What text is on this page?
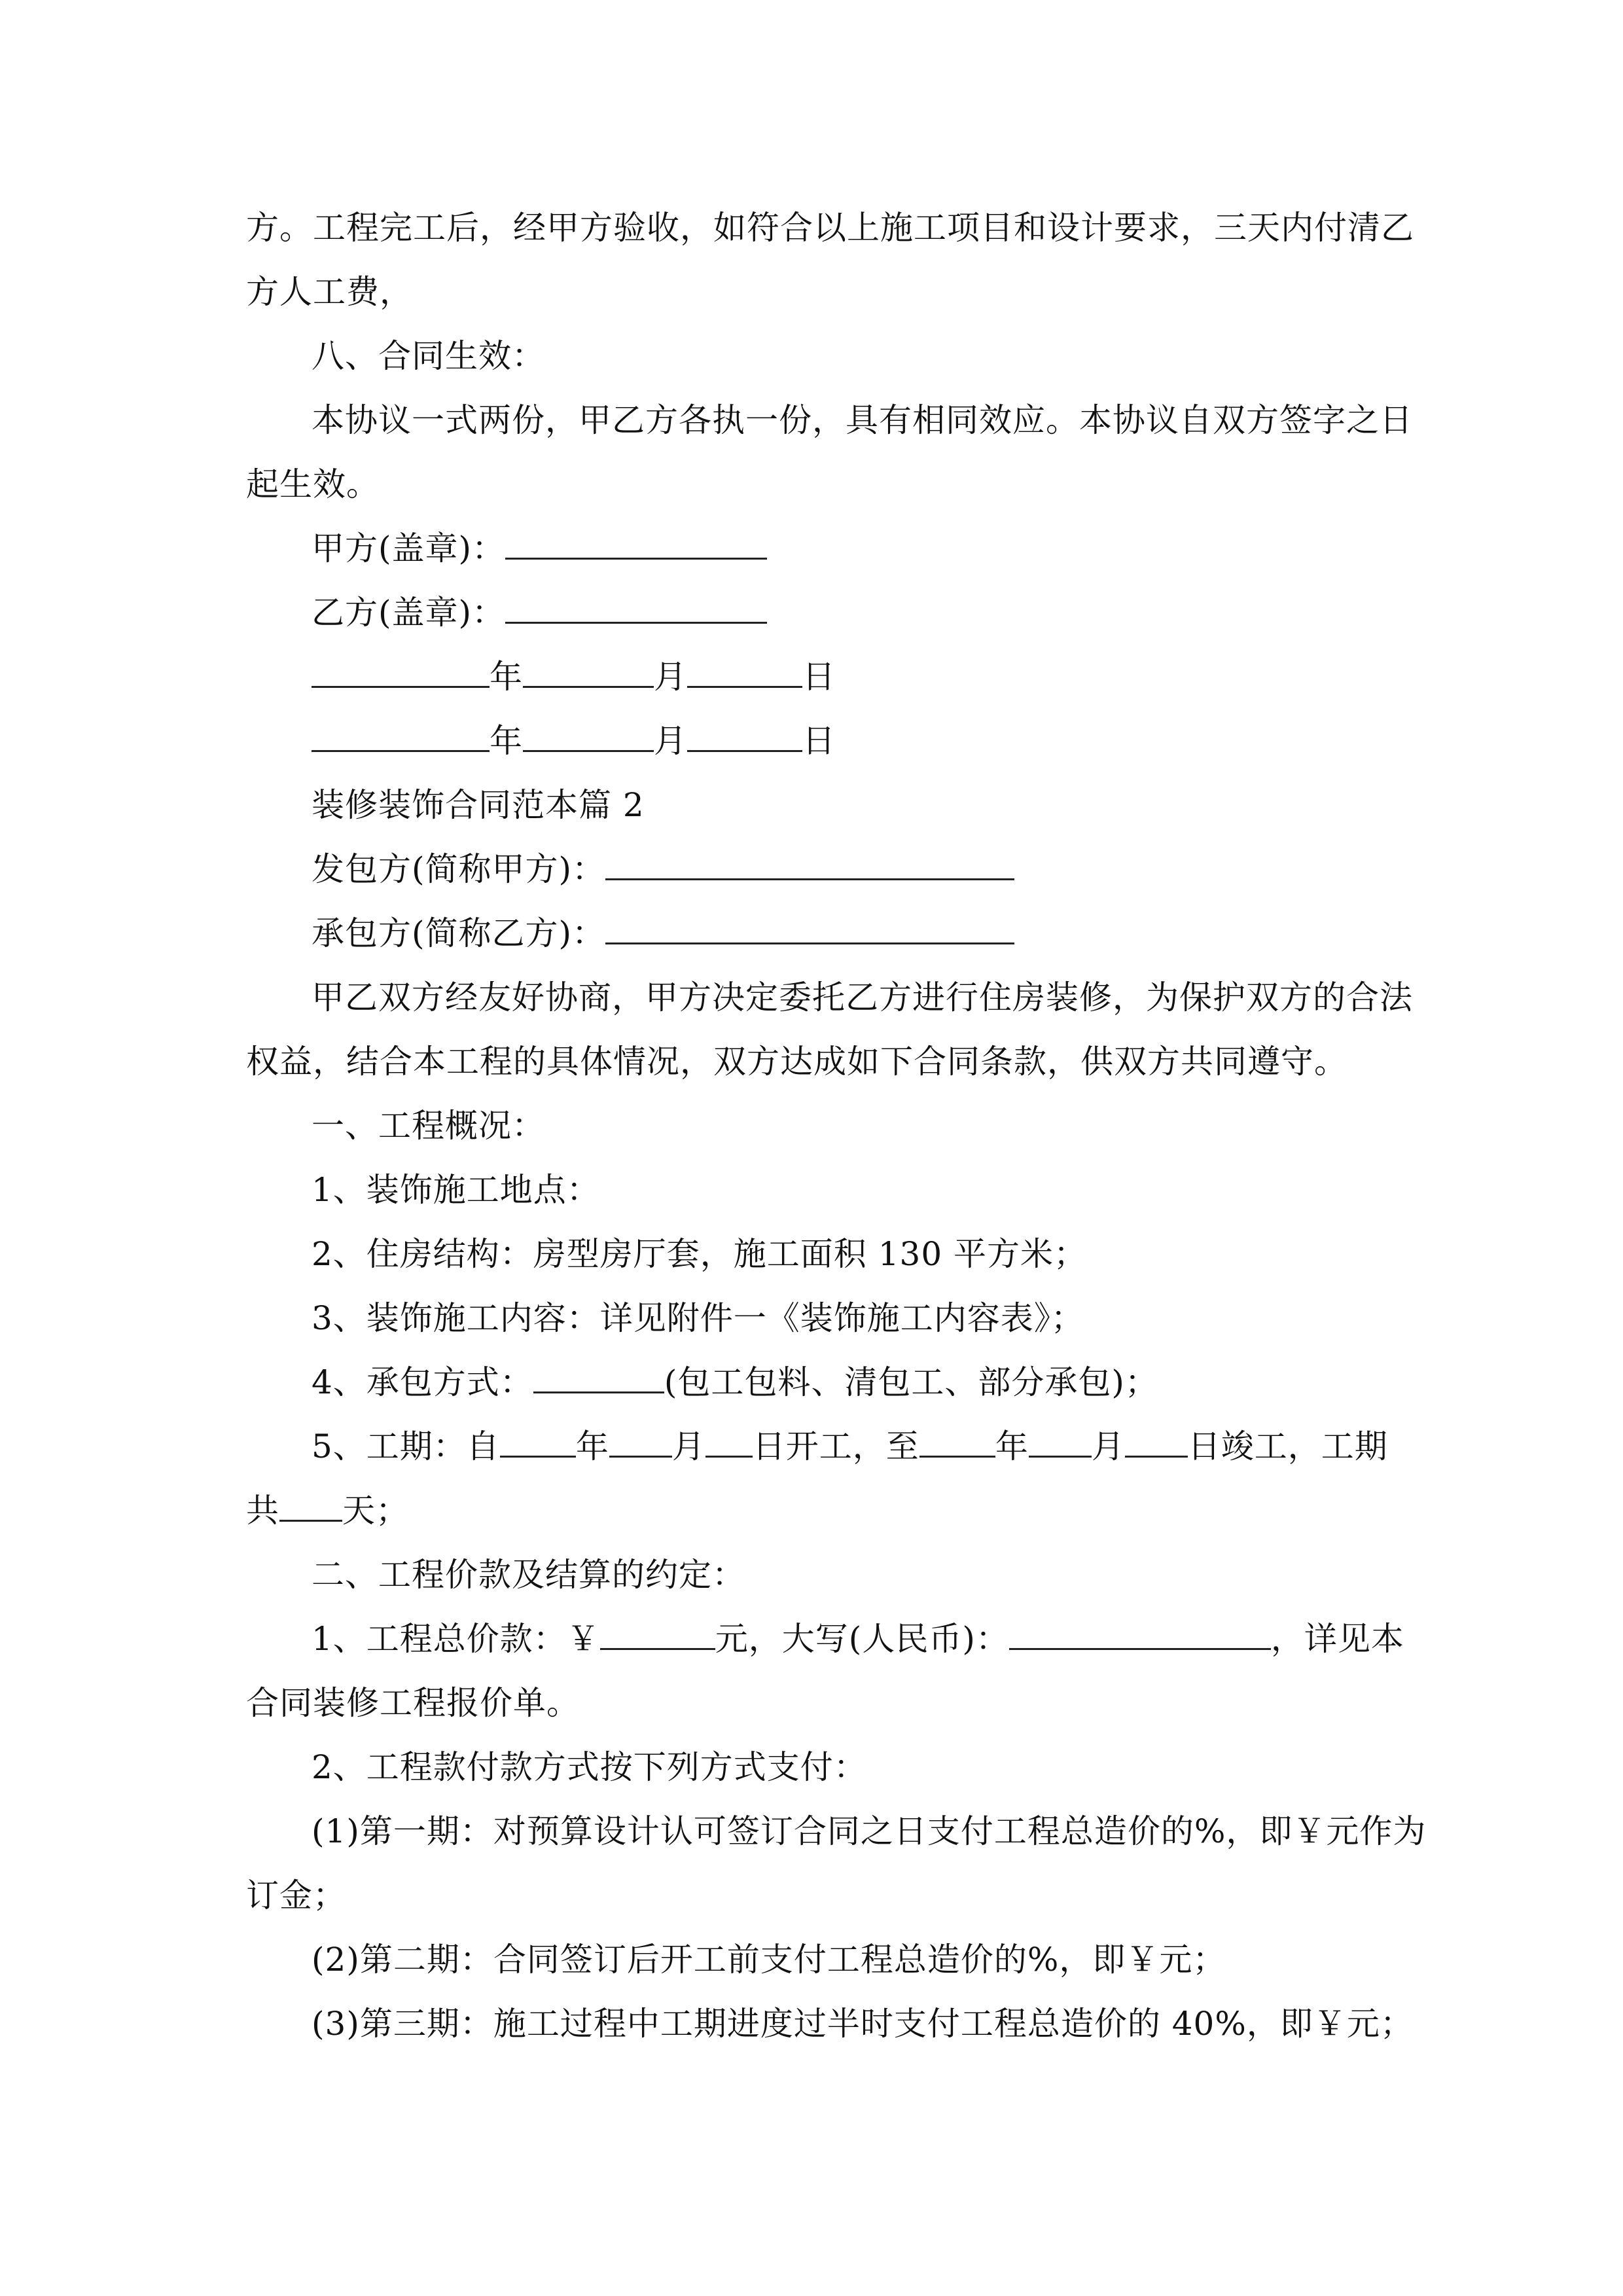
方。工程完工后，经甲方验收，如符合以上施工项目和设计要求，三天内付清乙
方人工费，
八、合同生效：
本协议一式两份，甲乙方各执一份，具有相同效应。本协议自双方签字之日
起生效。
甲方(盖章)：
乙方(盖章)：
年	月	日
年	月	日
装修装饰合同范本篇 2
发包方(简称甲方)：
承包方(简称乙方)：
甲乙双方经友好协商，甲方决定委托乙方进行住房装修，为保护双方的合法
权益，结合本工程的具体情况，双方达成如下合同条款，供双方共同遵守。
一、工程概况：
1、装饰施工地点：
2、住房结构：房型房厅套，施工面积 130 平方米；
3、装饰施工内容：详见附件一《装饰施工内容表》；
4、承包方式：	(包工包料、清包工、部分承包)；
5、工期：自 年 月 日开工，至 年 月 日竣工，工期
共 天；
二、工程价款及结算的约定：
1、工程总价款：￥	元，大写(人民币)：	，详见本
合同装修工程报价单。
2、工程款付款方式按下列方式支付：
(1)第一期：对预算设计认可签订合同之日支付工程总造价的%，即￥元作为
订金；
(2)第二期：合同签订后开工前支付工程总造价的%，即￥元；
(3)第三期：施工过程中工期进度过半时支付工程总造价的 40%，即￥元；
